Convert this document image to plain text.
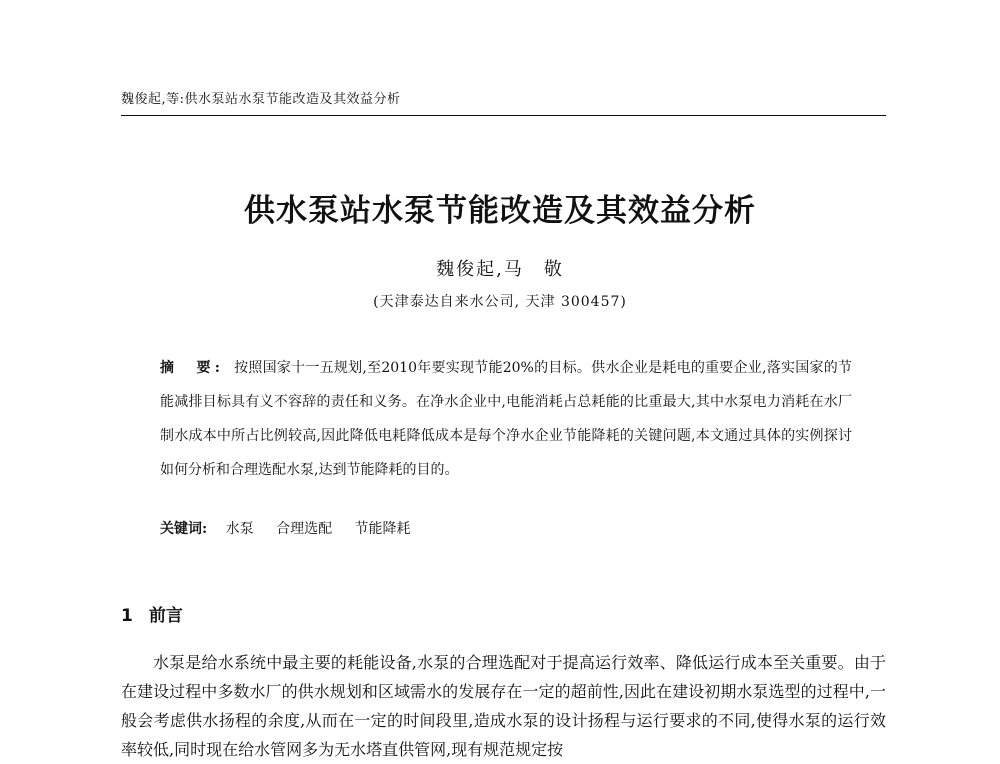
魏俊起,等:供水泵站水泵节能改造及其效益分析
供水泵站水泵节能改造及其效益分析
魏俊起,马　敬
(天津泰达自来水公司, 天津 300457)
摘　要: 按照国家十一五规划,至2010年要实现节能20%的目标。供水企业是耗电的重要企业,落实国家的节能减排目标具有义不容辞的责任和义务。在净水企业中,电能消耗占总耗能的比重最大,其中水泵电力消耗在水厂制水成本中所占比例较高,因此降低电耗降低成本是每个净水企业节能降耗的关键问题,本文通过具体的实例探讨如何分析和合理选配水泵,达到节能降耗的目的。
关键词: 水泵 合理选配 节能降耗
1 前言
水泵是给水系统中最主要的耗能设备,水泵的合理选配对于提高运行效率、降低运行成本至关重要。由于在建设过程中多数水厂的供水规划和区域需水的发展存在一定的超前性,因此在建设初期水泵选型的过程中,一般会考虑供水扬程的余度,从而在一定的时间段里,造成水泵的设计扬程与运行要求的不同,使得水泵的运行效率较低,同时现在给水管网多为无水塔直供管网,现有规范规定按
